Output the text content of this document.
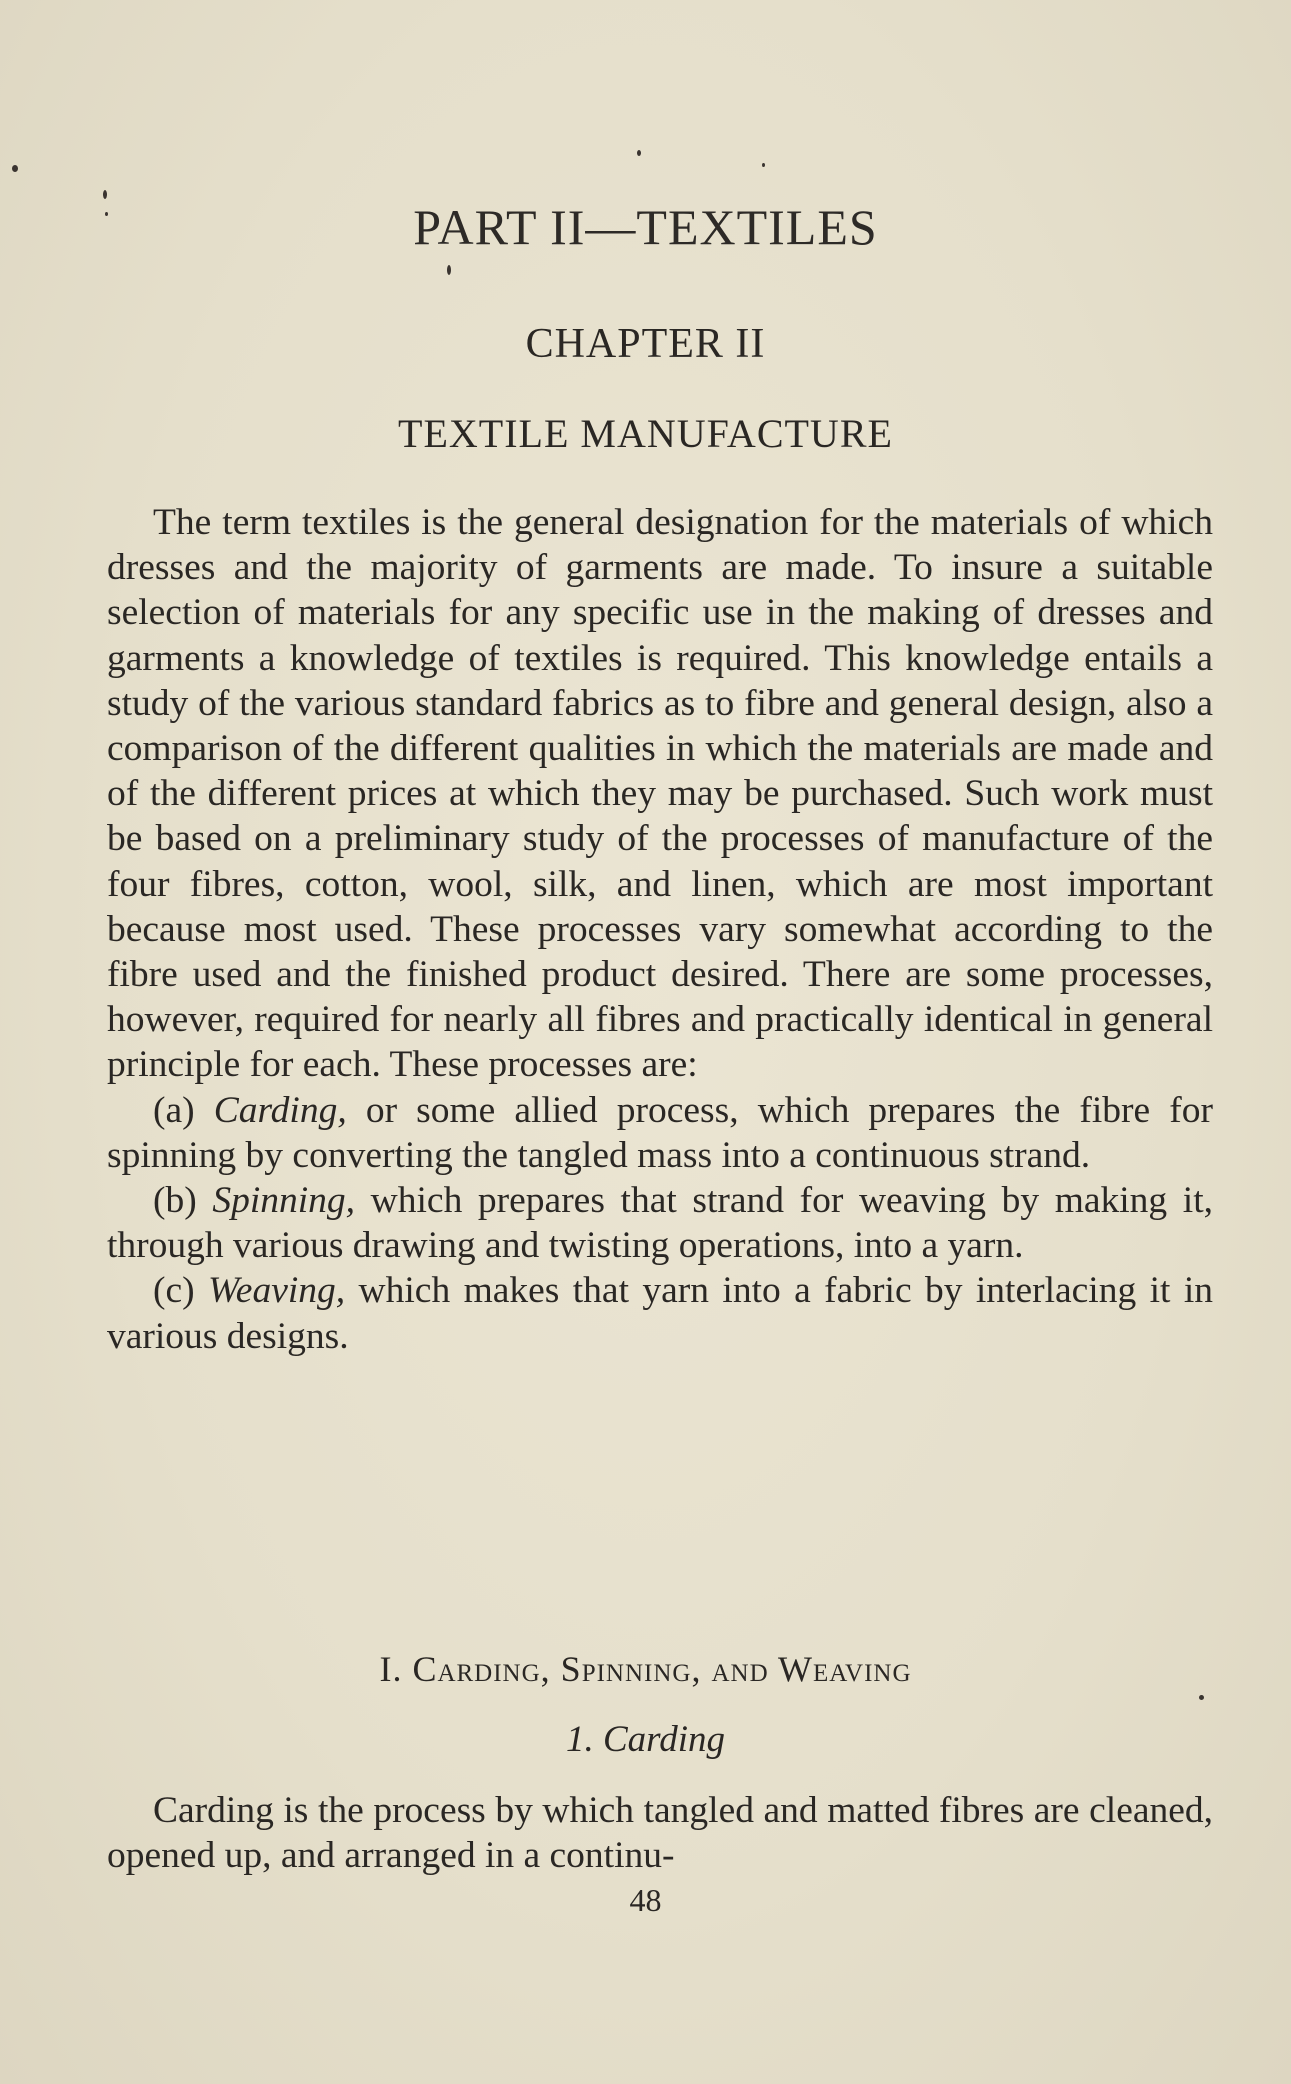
PART II—TEXTILES
CHAPTER II
TEXTILE MANUFACTURE

The term textiles is the general designation for the materials of which dresses and the majority of garments are made. To insure a suitable selection of materials for any specific use in the making of dresses and garments a knowledge of textiles is required. This knowledge entails a study of the various standard fabrics as to fibre and general design, also a comparison of the different qualities in which the materials are made and of the different prices at which they may be purchased. Such work must be based on a preliminary study of the processes of manufacture of the four fibres, cotton, wool, silk, and linen, which are most important because most used. These processes vary somewhat according to the fibre used and the finished product desired. There are some processes, however, required for nearly all fibres and practically identical in general principle for each. These processes are:

(a) Carding, or some allied process, which prepares the fibre for spinning by converting the tangled mass into a continuous strand.

(b) Spinning, which prepares that strand for weaving by making it, through various drawing and twisting operations, into a yarn.

(c) Weaving, which makes that yarn into a fabric by interlacing it in various designs.

I. Carding, Spinning, and Weaving
1. Carding

Carding is the process by which tangled and matted fibres are cleaned, opened up, and arranged in a continu-

48
